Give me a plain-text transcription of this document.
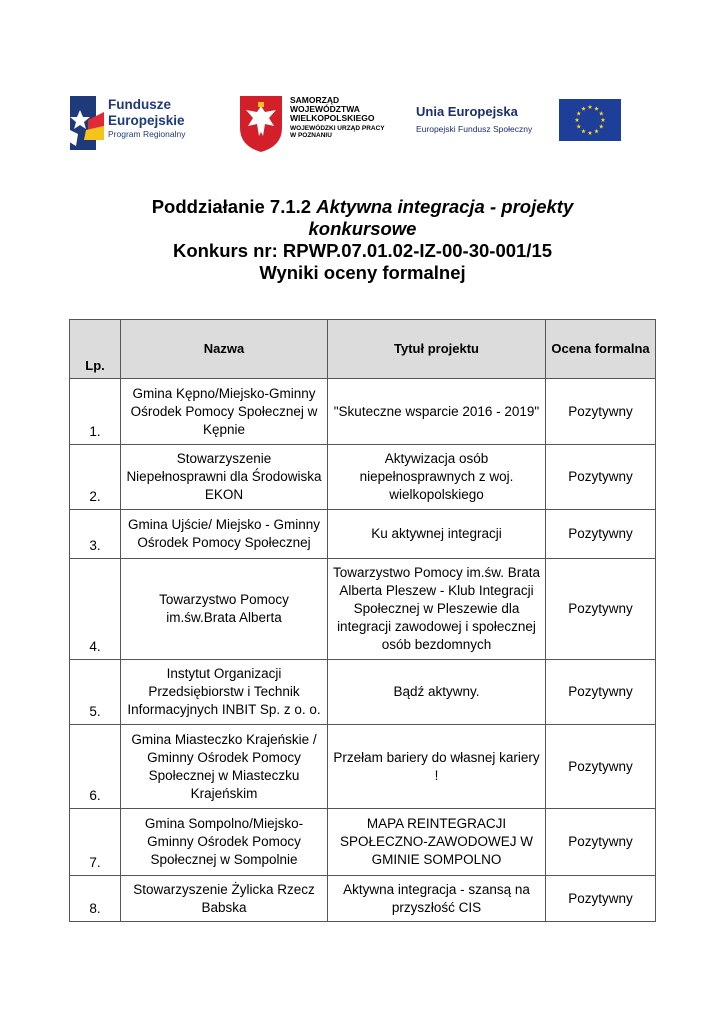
Fundusze
Europejskie
Program Regionalny
SAMORZĄD WOJEWÓDZTWA
WIELKOPOLSKIEGO
WOJEWÓDZKI URZĄD PRACY
W POZNANIU
Unia Europejska
Europejski Fundusz Społeczny
Poddziałanie 7.1.2 Aktywna integracja - projekty
konkursowe
Konkurs nr: RPWP.07.01.02-IZ-00-30-001/15
Wyniki oceny formalnej
Lp.	Nazwa	Tytuł projektu	Ocena formalna
1.	Gmina Kępno/Miejsko-Gminny Ośrodek Pomocy Społecznej w Kępnie	"Skuteczne wsparcie 2016 - 2019"	Pozytywny
2.	Stowarzyszenie Niepełnosprawni dla Środowiska EKON	Aktywizacja osób niepełnosprawnych z woj. wielkopolskiego	Pozytywny
3.	Gmina Ujście/ Miejsko - Gminny Ośrodek Pomocy Społecznej	Ku aktywnej integracji	Pozytywny
4.	Towarzystwo Pomocy im.św.Brata Alberta	Towarzystwo Pomocy im.św. Brata Alberta Pleszew - Klub Integracji Społecznej w Pleszewie dla integracji zawodowej i społecznej osób bezdomnych	Pozytywny
5.	Instytut Organizacji Przedsiębiorstw i Technik Informacyjnych INBIT Sp. z o. o.	Bądź aktywny.	Pozytywny
6.	Gmina Miasteczko Krajeńskie / Gminny Ośrodek Pomocy Społecznej w Miasteczku Krajeńskim	Przełam bariery do własnej kariery !	Pozytywny
7.	Gmina Sompolno/Miejsko-Gminny Ośrodek Pomocy Społecznej w Sompolnie	MAPA REINTEGRACJI SPOŁECZNO-ZAWODOWEJ W GMINIE SOMPOLNO	Pozytywny
8.	Stowarzyszenie Żylicka Rzecz Babska	Aktywna integracja - szansą na przyszłość CIS	Pozytywny
